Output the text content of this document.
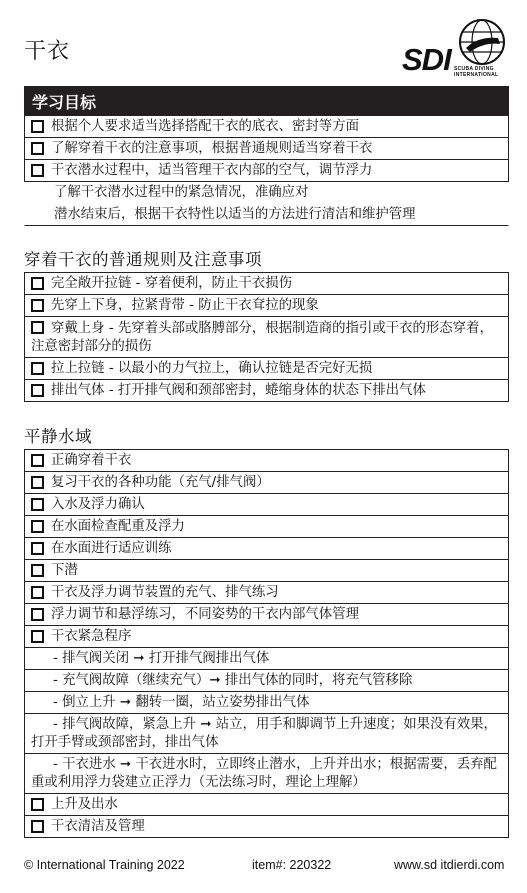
干衣	SDI SCUBA DIVING INTERNATIONAL
学习目标
根据个人要求适当选择搭配干衣的底衣、密封等方面
了解穿着干衣的注意事项，根据普通规则适当穿着干衣
干衣潜水过程中，适当管理干衣内部的空气，调节浮力
了解干衣潜水过程中的紧急情况，准确应对
潜水结束后，根据干衣特性以适当的方法进行清洁和维护管理
穿着干衣的普通规则及注意事项
完全敞开拉链 - 穿着便利，防止干衣损伤
先穿上下身，拉紧背带 - 防止干衣耷拉的现象
穿戴上身 - 先穿着头部或胳膊部分，根据制造商的指引或干衣的形态穿着，注意密封部分的损伤
拉上拉链 - 以最小的力气拉上，确认拉链是否完好无损
排出气体 - 打开排气阀和颈部密封，蜷缩身体的状态下排出气体
平静水域
正确穿着干衣
复习干衣的各种功能（充气/排气阀）
入水及浮力确认
在水面检查配重及浮力
在水面进行适应训练
下潜
干衣及浮力调节装置的充气、排气练习
浮力调节和悬浮练习，不同姿势的干衣内部气体管理
干衣紧急程序
- 排气阀关闭 ➞ 打开排气阀排出气体
- 充气阀故障（继续充气）➞ 排出气体的同时，将充气管移除
- 倒立上升 ➞ 翻转一圈，站立姿势排出气体
- 排气阀故障，紧急上升 ➞ 站立，用手和脚调节上升速度；如果没有效果，打开手臂或颈部密封，排出气体
- 干衣进水 ➞ 干衣进水时，立即终止潜水，上升并出水；根据需要，丢弃配重或利用浮力袋建立正浮力（无法练习时，理论上理解）
上升及出水
干衣清洁及管理
© International Training 2022	item#: 220322	www.sd itdierdi.com
